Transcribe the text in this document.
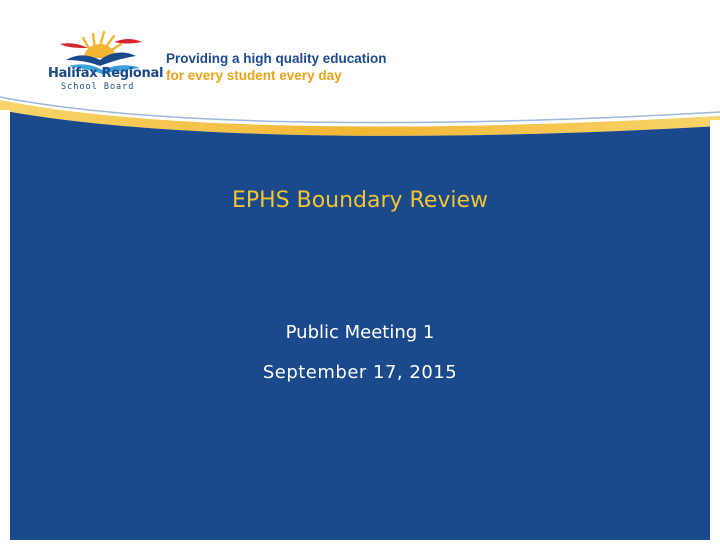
Halifax Regional
School Board
Providing a high quality education
for every student every day
EPHS Boundary Review
Public Meeting 1
September 17, 2015
